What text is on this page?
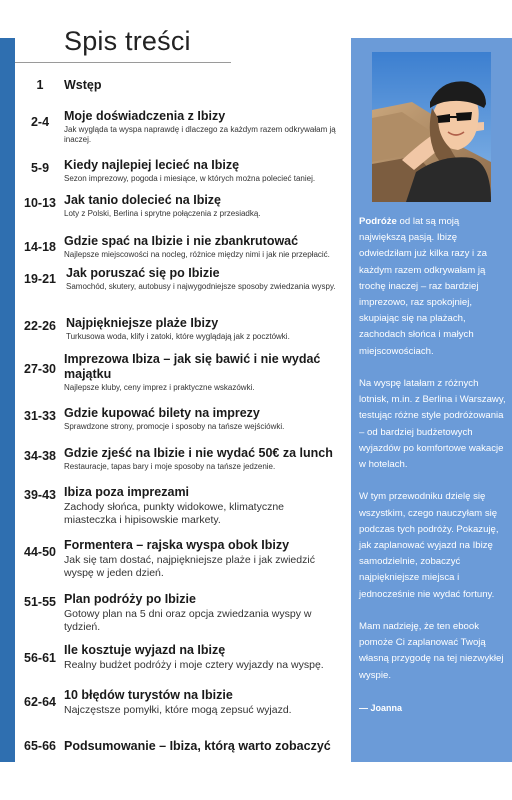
Spis treści
1	Wstęp
2-4	Moje doświadczenia z Ibizy
Jak wygląda ta wyspa naprawdę i dlaczego za każdym razem odkrywałam ją inaczej.
5-9	Kiedy najlepiej lecieć na Ibizę
Sezon imprezowy, pogoda i miesiące, w których można polecieć taniej.
10-13 Jak tanio dolecieć na Ibizę
Loty z Polski, Berlina i sprytne połączenia z przesiadką.
14-18 Gdzie spać na Ibizie i nie zbankrutować
Najlepsze miejscowości na nocleg, różnice między nimi i jak nie przepłacić.
19-21 Jak poruszać się po Ibizie
Samochód, skutery, autobusy i najwygodniejsze sposoby zwiedzania wyspy.
22-26 Najpiękniejsze plaże Ibizy
Turkusowa woda, klify i zatoki, które wyglądają jak z pocztówki.
27-30
Imprezowa Ibiza – jak się bawić i nie wydać majątku
Najlepsze kluby, ceny imprez i praktyczne wskazówki.
31-33 Gdzie kupować bilety na imprezy
Sprawdzone strony, promocje i sposoby na tańsze wejściówki.
34-38 Gdzie zjeść na Ibizie i nie wydać 50€ za lunch
Restauracje, tapas bary i moje sposoby na tańsze jedzenie.
39-43 Ibiza poza imprezami
Zachody słońca, punkty widokowe, klimatyczne miasteczka i hipisowskie markety.
44-50 Formentera – rajska wyspa obok Ibizy
Jak się tam dostać, najpiękniejsze plaże i jak zwiedzić wyspę w jeden dzień.
51-55 Plan podróży po Ibizie
Gotowy plan na 5 dni oraz opcja zwiedzania wyspy w tydzień.
56-61
Ile kosztuje wyjazd na Ibizę
Realny budżet podróży i moje cztery wyjazdy na wyspę.
62-64 10 błędów turystów na Ibizie
Najczęstsze pomyłki, które mogą zepsuć wyjazd.
65-66 Podsumowanie – Ibiza, którą warto zobaczyć

Podróże od lat są moją największą pasją. Ibizę odwiedziłam już kilka razy i za każdym razem odkrywałam ją trochę inaczej – raz bardziej imprezowo, raz spokojniej, skupiając się na plażach, zachodach słońca i małych miejscowościach.

Na wyspę latałam z różnych lotnisk, m.in. z Berlina i Warszawy, testując różne style podróżowania – od bardziej budżetowych wyjazdów po komfortowe wakacje w hotelach.

W tym przewodniku dzielę się wszystkim, czego nauczyłam się podczas tych podróży. Pokazuję, jak zaplanować wyjazd na Ibizę samodzielnie, zobaczyć najpiękniejsze miejsca i jednocześnie nie wydać fortuny.

Mam nadzieję, że ten ebook pomoże Ci zaplanować Twoją własną przygodę na tej niezwykłej wyspie.

— Joanna
